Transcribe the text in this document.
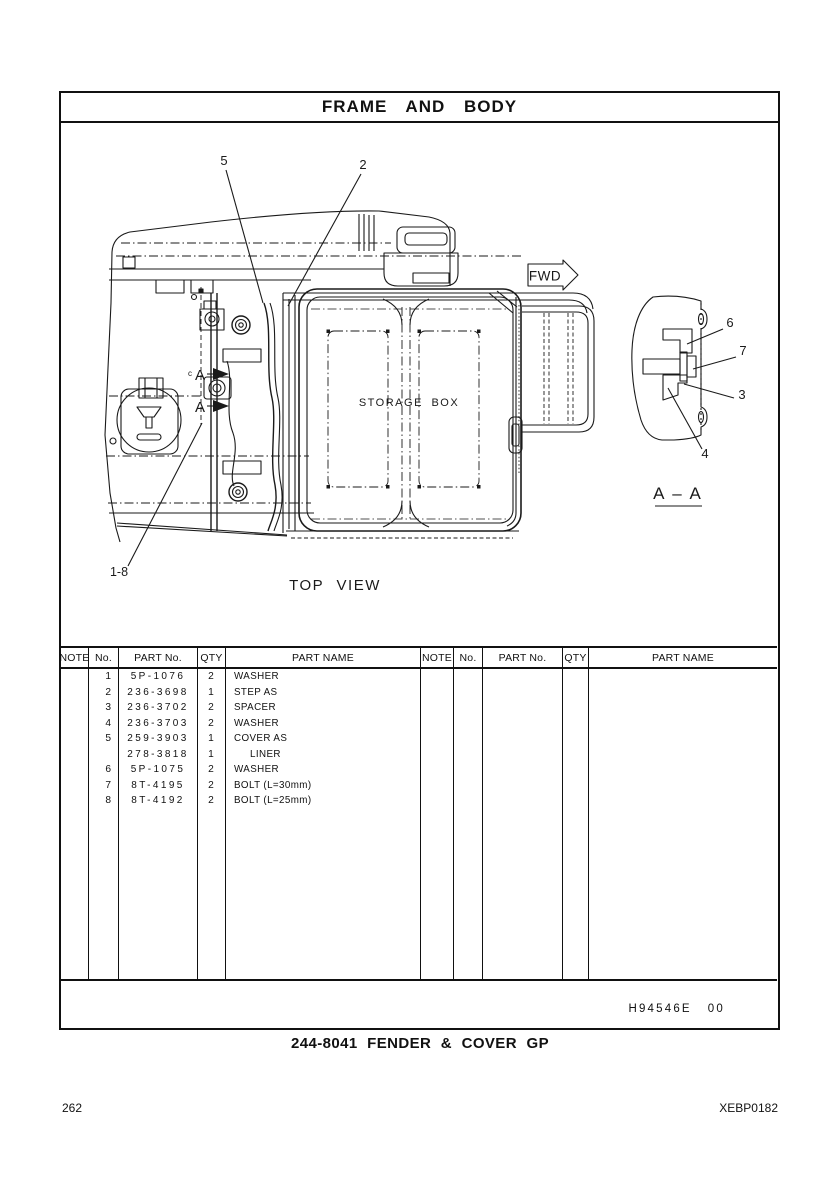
FRAME AND BODY
FWD
5	2
1-8
c A
A	STORAGE BOX
TOP VIEW
6
7
3
4
A – A
NOTE No.	PART No.	QTY	PART NAME	NOTE No.	PART No.	QTY	PART NAME
1	5P-1076	2	WASHER
2	236-3698	1	STEP AS
3	236-3702	2	SPACER
4	236-3703	2	WASHER
5	259-3903	1	COVER AS
278-3818	1	LINER
6	5P-1075	2	WASHER
7	8T-4195	2	BOLT (L=30mm)
8	8T-4192	2	BOLT (L=25mm)
H94546E 00
244-8041 FENDER & COVER GP
262	XEBP0182
